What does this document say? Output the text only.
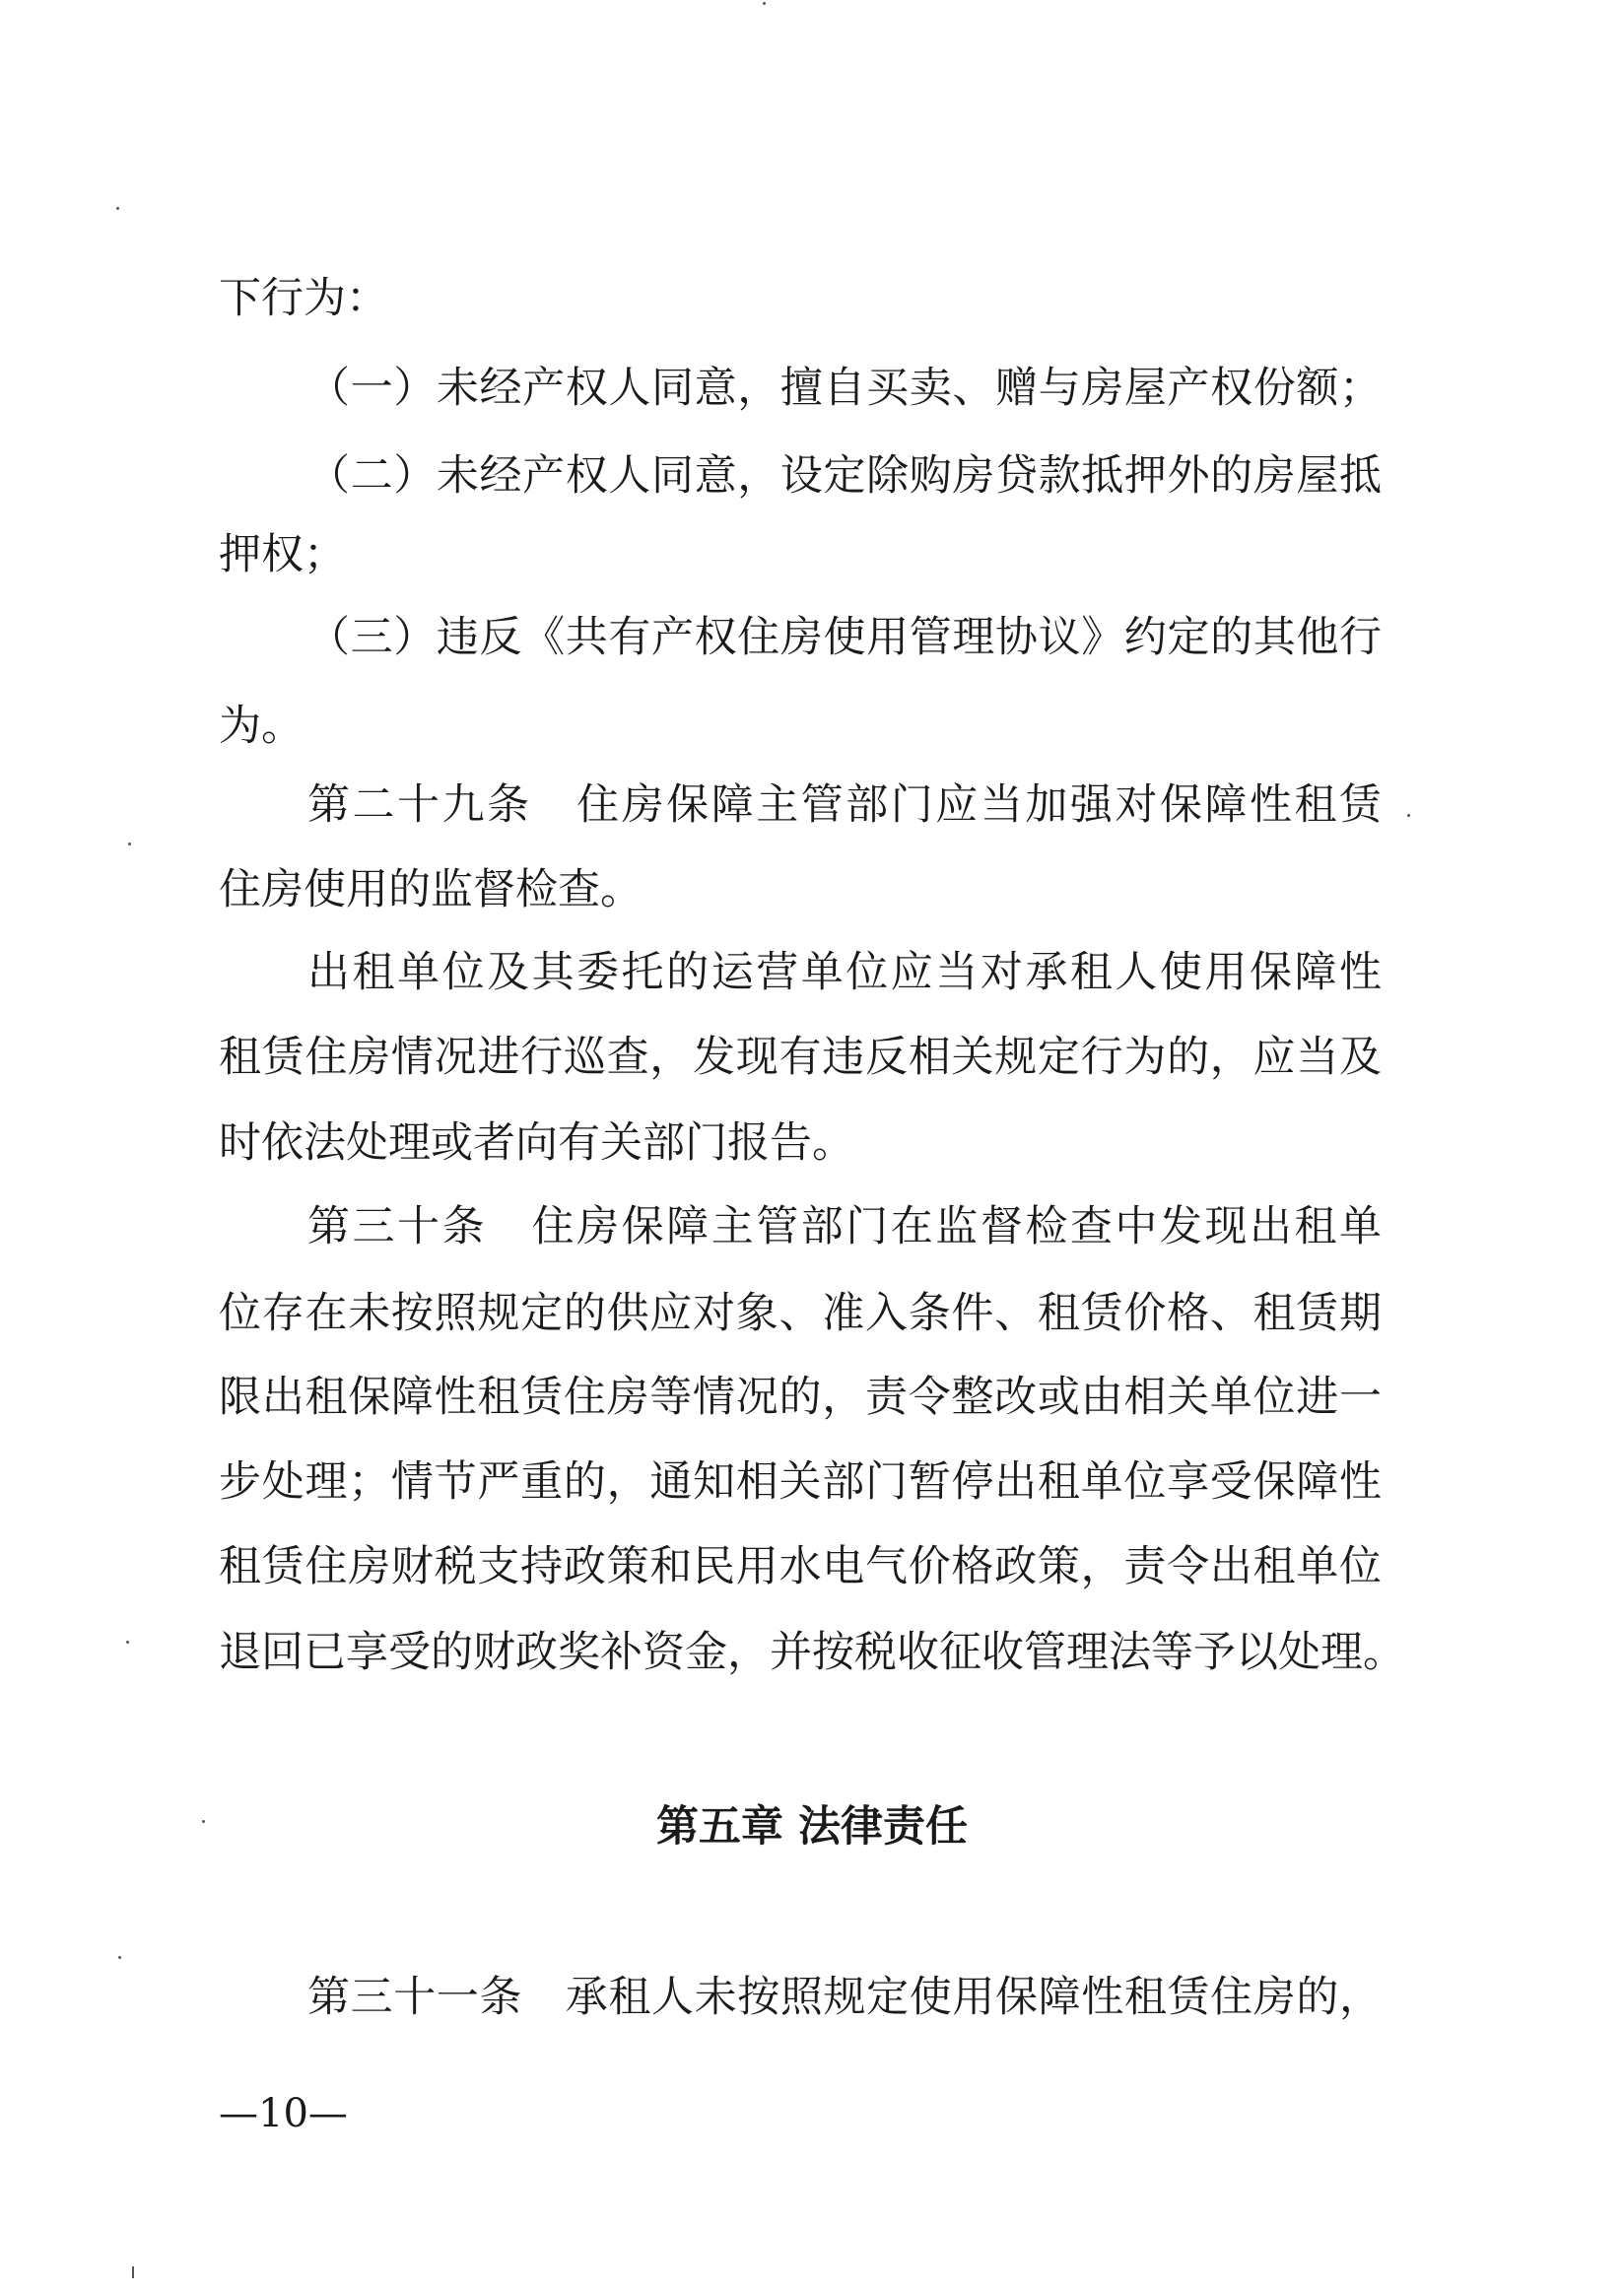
下行为：
（一）未经产权人同意，擅自买卖、赠与房屋产权份额；
（二）未经产权人同意，设定除购房贷款抵押外的房屋抵
押权；
（三）违反《共有产权住房使用管理协议》约定的其他行
为。
第二十九条　住房保障主管部门应当加强对保障性租赁
住房使用的监督检查。
出租单位及其委托的运营单位应当对承租人使用保障性
租赁住房情况进行巡查，发现有违反相关规定行为的，应当及
时依法处理或者向有关部门报告。
第三十条　住房保障主管部门在监督检查中发现出租单
位存在未按照规定的供应对象、准入条件、租赁价格、租赁期
限出租保障性租赁住房等情况的，责令整改或由相关单位进一
步处理；情节严重的，通知相关部门暂停出租单位享受保障性
租赁住房财税支持政策和民用水电气价格政策，责令出租单位
退回已享受的财政奖补资金，并按税收征收管理法等予以处理。
第五章 法律责任
第三十一条　承租人未按照规定使用保障性租赁住房的，
—10—
